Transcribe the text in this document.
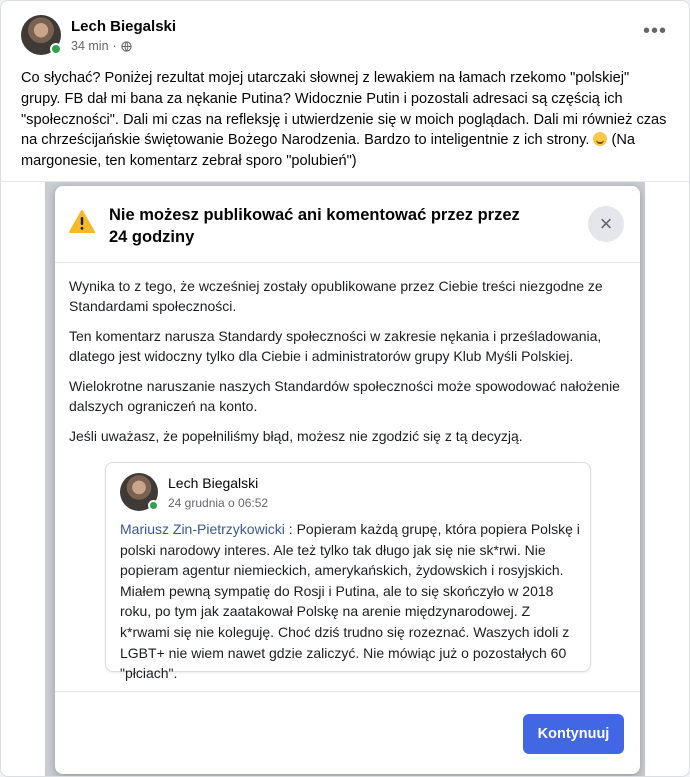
Lech Biegalski
34 min ·
•••
Co słychać? Poniżej rezultat mojej utarczaki słownej z lewakiem na łamach rzekomo "polskiej" grupy. FB dał mi bana za nękanie Putina? Widocznie Putin i pozostali adresaci są częścią ich "społeczności". Dali mi czas na refleksję i utwierdzenie się w moich poglądach. Dali mi również czas na chrześcijańskie świętowanie Bożego Narodzenia. Bardzo to inteligentnie z ich strony. (Na margonesie, ten komentarz zebrał sporo "polubień")
Nie możesz publikować ani komentować przez przez 24 godziny
×

Wynika to z tego, że wcześniej zostały opublikowane przez Ciebie treści niezgodne ze Standardami społeczności.

Ten komentarz narusza Standardy społeczności w zakresie nękania i prześladowania, dlatego jest widoczny tylko dla Ciebie i administratorów grupy Klub Myśli Polskiej.

Wielokrotne naruszanie naszych Standardów społeczności może spowodować nałożenie dalszych ograniczeń na konto.

Jeśli uważasz, że popełniliśmy błąd, możesz nie zgodzić się z tą decyzją.

Lech Biegalski
24 grudnia o 06:52
Mariusz Zin-Pietrzykowicki : Popieram każdą grupę, która popiera Polskę i polski narodowy interes. Ale też tylko tak długo jak się nie sk*rwi. Nie popieram agentur niemieckich, amerykańskich, żydowskich i rosyjskich. Miałem pewną sympatię do Rosji i Putina, ale to się skończyło w 2018 roku, po tym jak zaatakował Polskę na arenie międzynarodowej. Z k*rwami się nie koleguję. Choć dziś trudno się rozeznać. Waszych idoli z LGBT+ nie wiem nawet gdzie zaliczyć. Nie mówiąc już o pozostałych 60 "płciach".
Kontynuuj
